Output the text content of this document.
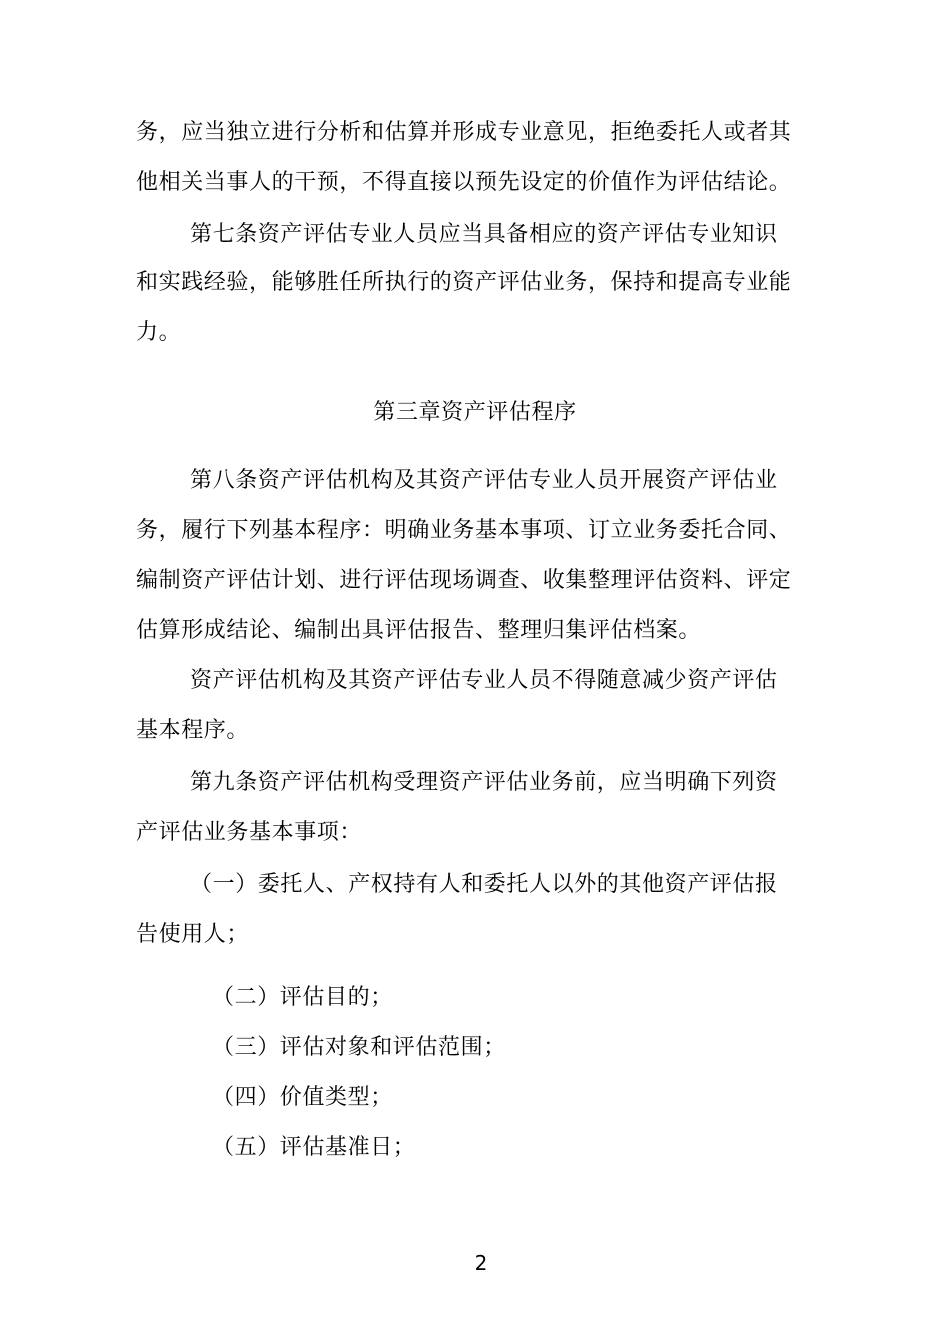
务，应当独立进行分析和估算并形成专业意见，拒绝委托人或者其
他相关当事人的干预，不得直接以预先设定的价值作为评估结论。
第七条资产评估专业人员应当具备相应的资产评估专业知识
和实践经验，能够胜任所执行的资产评估业务，保持和提高专业能
力。
第三章资产评估程序
第八条资产评估机构及其资产评估专业人员开展资产评估业
务，履行下列基本程序：明确业务基本事项、订立业务委托合同、
编制资产评估计划、进行评估现场调查、收集整理评估资料、评定
估算形成结论、编制出具评估报告、整理归集评估档案。
资产评估机构及其资产评估专业人员不得随意减少资产评估
基本程序。
第九条资产评估机构受理资产评估业务前，应当明确下列资
产评估业务基本事项：
（一）委托人、产权持有人和委托人以外的其他资产评估报
告使用人；
（二）评估目的；
（三）评估对象和评估范围；
（四）价值类型；
（五）评估基准日；
2
